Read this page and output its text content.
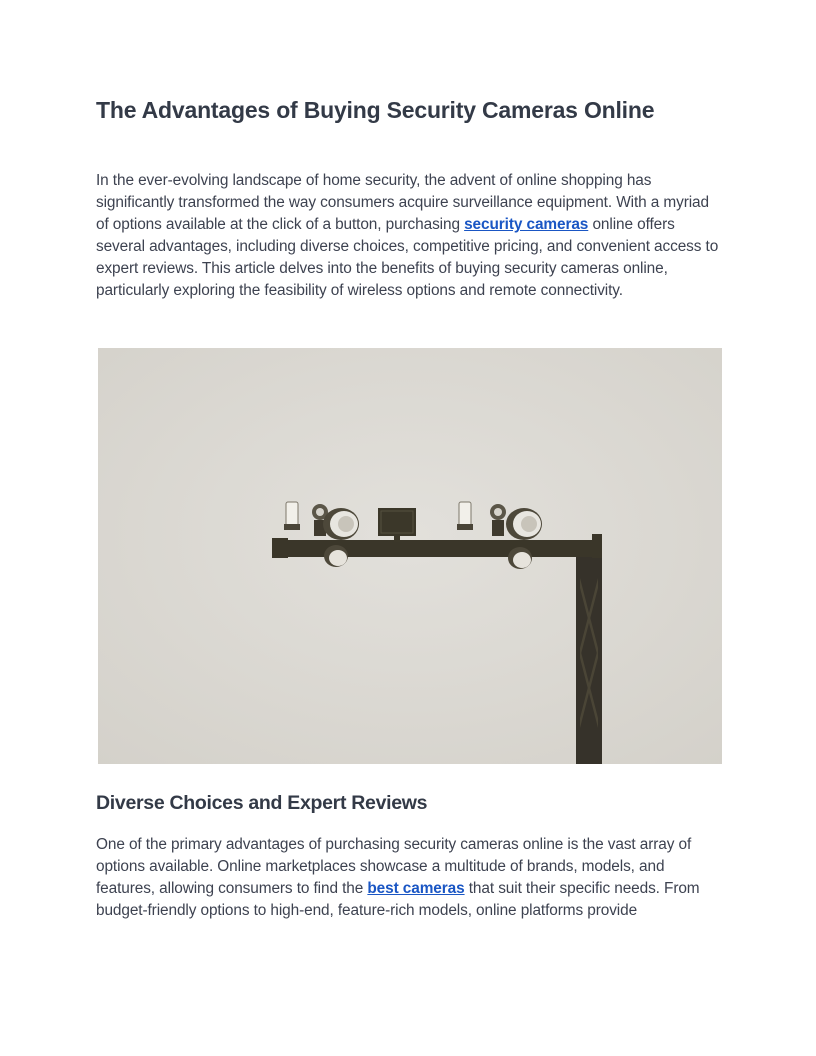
The Advantages of Buying Security Cameras Online

In the ever-evolving landscape of home security, the advent of online shopping has significantly transformed the way consumers acquire surveillance equipment. With a myriad of options available at the click of a button, purchasing security cameras online offers several advantages, including diverse choices, competitive pricing, and convenient access to expert reviews. This article delves into the benefits of buying security cameras online, particularly exploring the feasibility of wireless options and remote connectivity.

Diverse Choices and Expert Reviews

One of the primary advantages of purchasing security cameras online is the vast array of options available. Online marketplaces showcase a multitude of brands, models, and features, allowing consumers to find the best cameras that suit their specific needs. From budget-friendly options to high-end, feature-rich models, online platforms provide
